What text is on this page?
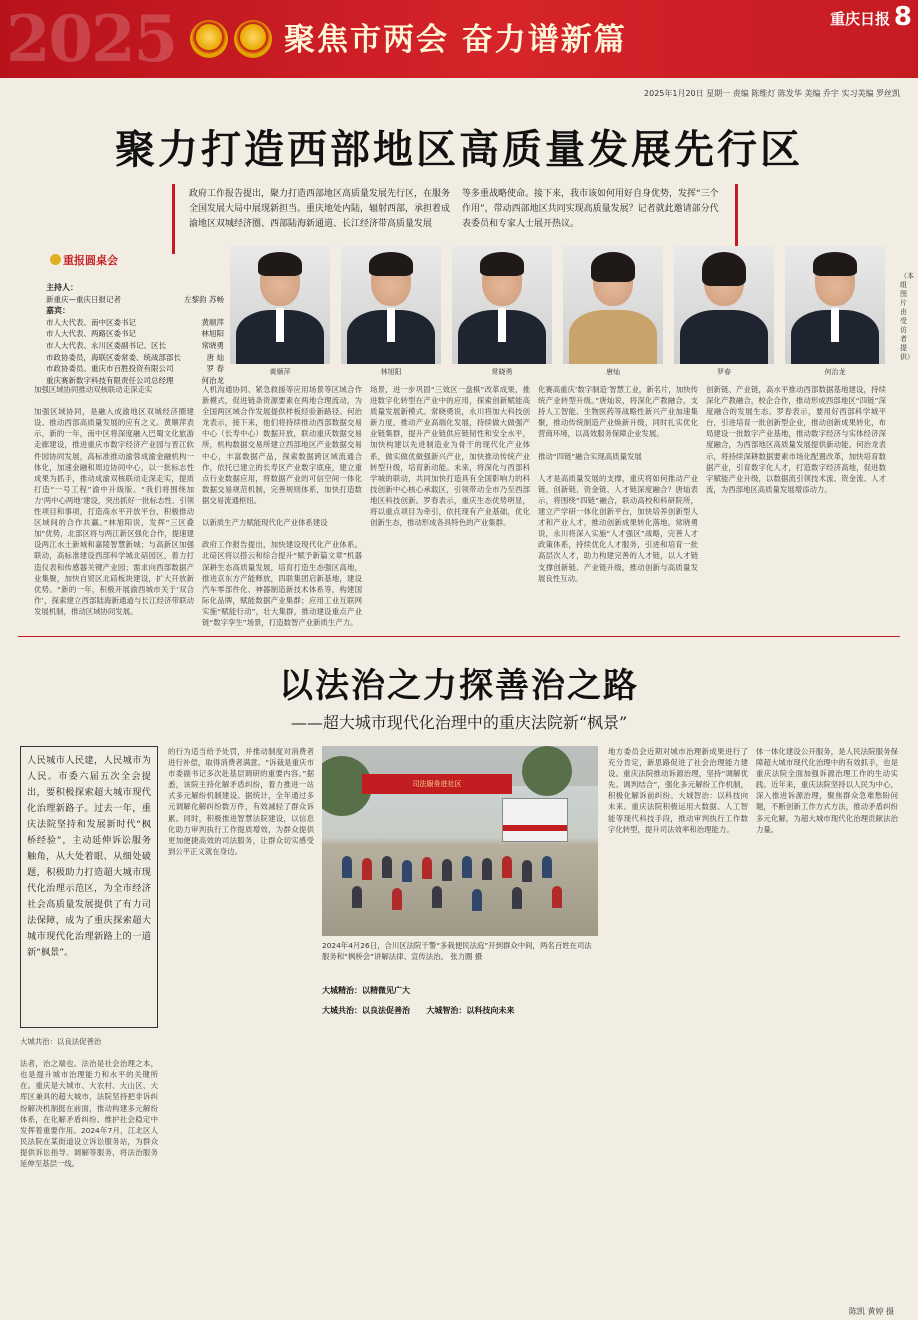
2025	聚焦市两会 奋力谱新篇
重庆日报 8
2025年1月20日 星期一 责编 陈维灯 陈发华 美编 乔宇 实习美编 罗丝凯
聚力打造西部地区高质量发展先行区
政府工作报告提出，聚力打造西部地区高质量发展先行区，在服务全国发展大局中展现新担当。重庆地处内陆，辐射西部，承担着成渝地区双城经济圈、西部陆海新通道、长江经济带高质量发展
等多重战略使命。接下来，我市该如何用好自身优势，发挥“三个作用”，带动西部地区共同实现高质量发展？记者就此邀请部分代表委员和专家人士展开热议。
重报圆桌会
主持人：
新重庆—重庆日报记者	左黎韵 苏畅
嘉宾：
市人大代表、南中区委书记	黄顺萍
市人大代表、两路区委书记	林旭阳
市人大代表、永川区委副书记、区长	常晓勇
市政协委员，海联区委常委、统战部部长	唐 灿
市政协委员、重庆市百胜投资有限公司	罗 春
重庆赛新数字科技有限责任公司总经理	何治龙
黄顺萍	林旭阳	常晓勇	唐灿	罗春	何治龙
（本组图片由受访者提供）
加强区域协同推动双核联动走深走实

加强区域协同，是融入成渝地区双城经济圈建设、推动西部高质量发展的应有之义。黄顺萍表示，新的一年，南中区将深度融入巴蜀文化旅游走廊建设，推进重庆市数字经济产业园与晋江软件园协同发展，高标准推动渝蓉成渝金融机构一体化，加速金融和周边协同中心，以一批标志性成果为抓手，推动成渝双核联动走深走实，提质打造“一号工程”渝中升级版。“我们将围绕加力‘两中心两地’建设，突出抓好一批标志性、引领性项目和事项，打造高水平开放平台，积极推动区域间的合作共赢。”林旭阳说，发挥“三区叠加”优势，北部区将与两江新区强化合作，提速建设两江水土新城和嘉陵智慧新城；与高新区加强联动，高标准建设西部科学城北碚园区，着力打造仪表和传感器关键产业园；需求向西部数据产业集聚，加快自贸区北碚板块建设，扩大开放新优势。“新的一年，积极开展渝西城市关于‘双合作’，探索建立西部陆海新通道与长江经济带联动发展机制，推动区域协同发展。
人机沟通协同、紧急救援等应用场景等区域合作新模式，促进链条资源要素在两地合理流动，为全国两区域合作发展提供样板经验新路径。何治龙表示，接下来，他们将持续推动西部数据交易中心（长寿中心）数据开放，联动重庆数据交易所，机构数据交易所建立西部地区产业数据交易中心，丰富数据产品，探索数据跨区域流通合作，依托已建立的长寿区产业数字底座，建立重点行业数据应用，将数据产业的可信空间一体化数据交易规范机制，完善规则体系，加快打造数据交易流通枢纽。

以新质生产力赋能现代化产业体系建设

政府工作报告提出，加快建设现代化产业体系。北碚区将以搭云和综合提升“赋予新篇文章”机器深耕生态高质量发展，培育打造生态强区高地，推进京东方产能释放，四联集团启新基地，建设汽车零部件化、神器制造新技术体系等，构建国际化品牌，赋能数据产业集群；应用工业互联网实施“赋能行动”，壮大集群，推动建设重点产业链“数字孪生”场景，打造数智产业新质生产力。
场景，进一步巩固“三效区一盘棋”改革成果，推进数字化转型在产业中的应用，探索创新赋能高质量发展新模式。常晓勇说，永川将加大科技创新力度，推动产业高端化发展，持续做大做强产业链集群，提升产业链供应链韧性和安全水平，加快构建以先进制造业为骨干的现代化产业体系，做实做优做强新兴产业，加快推动传统产业转型升级，培育新动能。未来，将深化与西部科学城的联动，共同加快打造具有全国影响力的科技创新中心核心承载区，引领带动全市乃至西部地区科技创新。罗春表示，重庆生态优势明显，将以重点项目为牵引，依托现有产业基础，优化创新生态，推动形成各具特色的产业集群。
化赛高重庆‘数字制造’智慧工业，新名片，加快传统产业转型升级。”唐灿说，将深化产教融合，支持人工智能、生物医药等战略性新兴产业加速集聚，推动传统制造产业焕新升级，同时扎实优化营商环境，以高效服务保障企业发展。

推动“四链”融合实现高质量发展

人才是高质量发展的支撑，重庆将如何推动产业链、创新链、资金链、人才链深度融合？唐灿表示，将围绕“四链”融合，联动高校和科研院所，建立产学研一体化创新平台，加快培养创新型人才和产业人才，推动创新成果转化落地。常晓勇说，永川将深入实施“人才强区”战略，完善人才政策体系，持续优化人才服务，引进和培育一批高层次人才，助力构建完善的人才链，以人才链支撑创新链、产业链升级，推动创新与高质量发展良性互动。
创新链、产业链，高水平推动西部数据基地建设，持续深化产教融合，校企合作，推动形成西部地区“四链”深度融合的发展生态。罗春表示，要用好西部科学城平台，引进培育一批创新型企业，推动创新成果转化，布局建设一批数字产业基地，推动数字经济与实体经济深度融合，为西部地区高质量发展提供新动能。何治龙表示，将持续深耕数据要素市场化配置改革，加快培育数据产业，引育数字化人才，打造数字经济高地，促进数字赋能产业升级，以数据流引领技术流、资金流、人才流，为西部地区高质量发展增添动力。
以法治之力探善治之路
——超大城市现代化治理中的重庆法院新“枫景”
人民城市人民建，人民城市为人民。市委六届五次全会提出，要积极探索超大城市现代化治理新路子。过去一年，重庆法院坚持和发展新时代“枫桥经验”，主动延伸诉讼服务触角，从大处着眼、从细处破题，积极助力打造超大城市现代化治理示范区，为全市经济社会高质量发展提供了有力司法保障，成为了重庆探索超大城市现代化治理新路上的一道新“枫景”。
大城共治：以良法促善治

法者，治之端也。法治是社会治理之本，也是提升城市治理能力和水平的关键所在。重庆是大城市、大农村、大山区、大库区兼具的超大城市，法院坚持把非诉纠纷解决机制挺在前面，推动构建多元解纷体系，在化解矛盾纠纷、维护社会稳定中发挥着重要作用。2024年7月，江北区人民法院在某街道设立诉讼服务站，为群众提供诉讼指导、调解等服务，将法治服务延伸至基层一线。
的行为适当给予处罚，并推动制度对消费者进行补偿，取得消费者满意。“诉裁是重庆市市委副书记多次赴基层调研的重要内容。”据悉，该院主持化解矛盾纠纷，着力推进一站式多元解纷机制建设。据统计，全年通过多元调解化解纠纷数万件，有效减轻了群众诉累。同时，积极推进智慧法院建设，以信息化助力审判执行工作提质增效，为群众提供更加便捷高效的司法服务，让群众切实感受到公平正义就在身边。
地方委员会近期对城市治理新成果进行了充分肯定，新思路促进了社会治理能力建设。重庆法院推动诉源治理，坚持“调解优先、调判结合”，强化多元解纷工作机制，积极化解诉前纠纷。大城智治：以科技向未来。重庆法院积极运用大数据、人工智能等现代科技手段，推动审判执行工作数字化转型，提升司法效率和治理能力。
体一体化建设公开服务，是人民法院服务保障超大城市现代化治理中的有效抓手，也是重庆法院全面加强诉源治理工作的生动实践。近年来，重庆法院坚持以人民为中心，深入推进诉源治理，聚焦群众急难愁盼问题，不断创新工作方式方法，推动矛盾纠纷多元化解，为超大城市现代化治理贡献法治力量。
司法服务进社区
2024年4月26日，合川区法院干警“多栽便民法庭”开到群众中间，两名百姓在司法服务和“枫桥会”讲解法律、宣传法治。 张力圈 摄
大城精治：以精微见广大
大城共治：以良法促善治 大城智治：以科技向未来
陈凯 黄婷 摄
